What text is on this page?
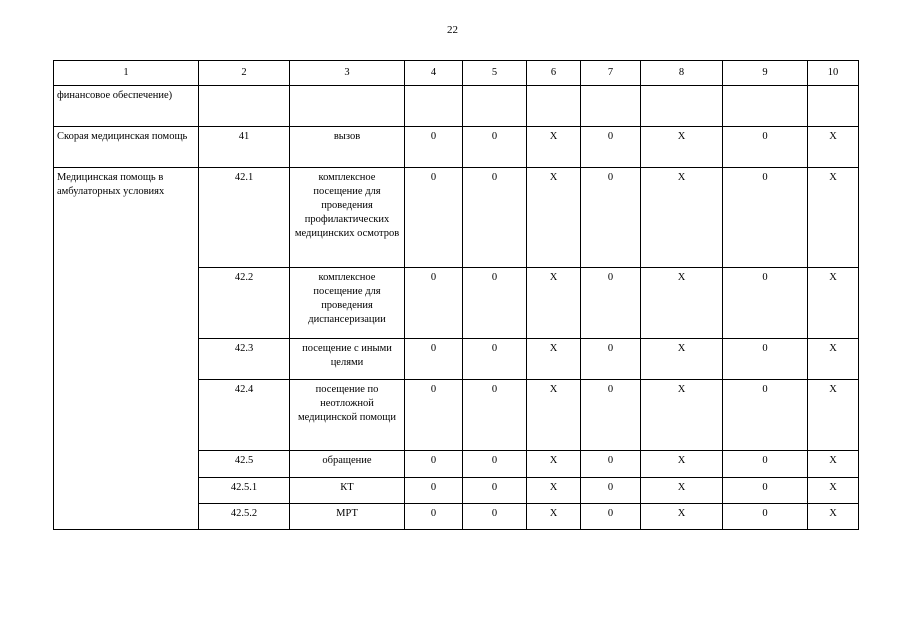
22
1	2	3	4	5	6	7	8	9	10
финансовое обеспечение)									
Скорая медицинская помощь	41	вызов	0	0	X	0	X	0	X
Медицинская помощь в амбулаторных условиях	42.1	комплексное посещение для проведения профилактических медицинских осмотров	0	0	X	0	X	0	X
	42.2	комплексное посещение для проведения диспансеризации	0	0	X	0	X	0	X
	42.3	посещение с иными целями	0	0	X	0	X	0	X
	42.4	посещение по неотложной медицинской помощи	0	0	X	0	X	0	X
	42.5	обращение	0	0	X	0	X	0	X
	42.5.1	КТ	0	0	X	0	X	0	X
	42.5.2	МРТ	0	0	X	0	X	0	X
